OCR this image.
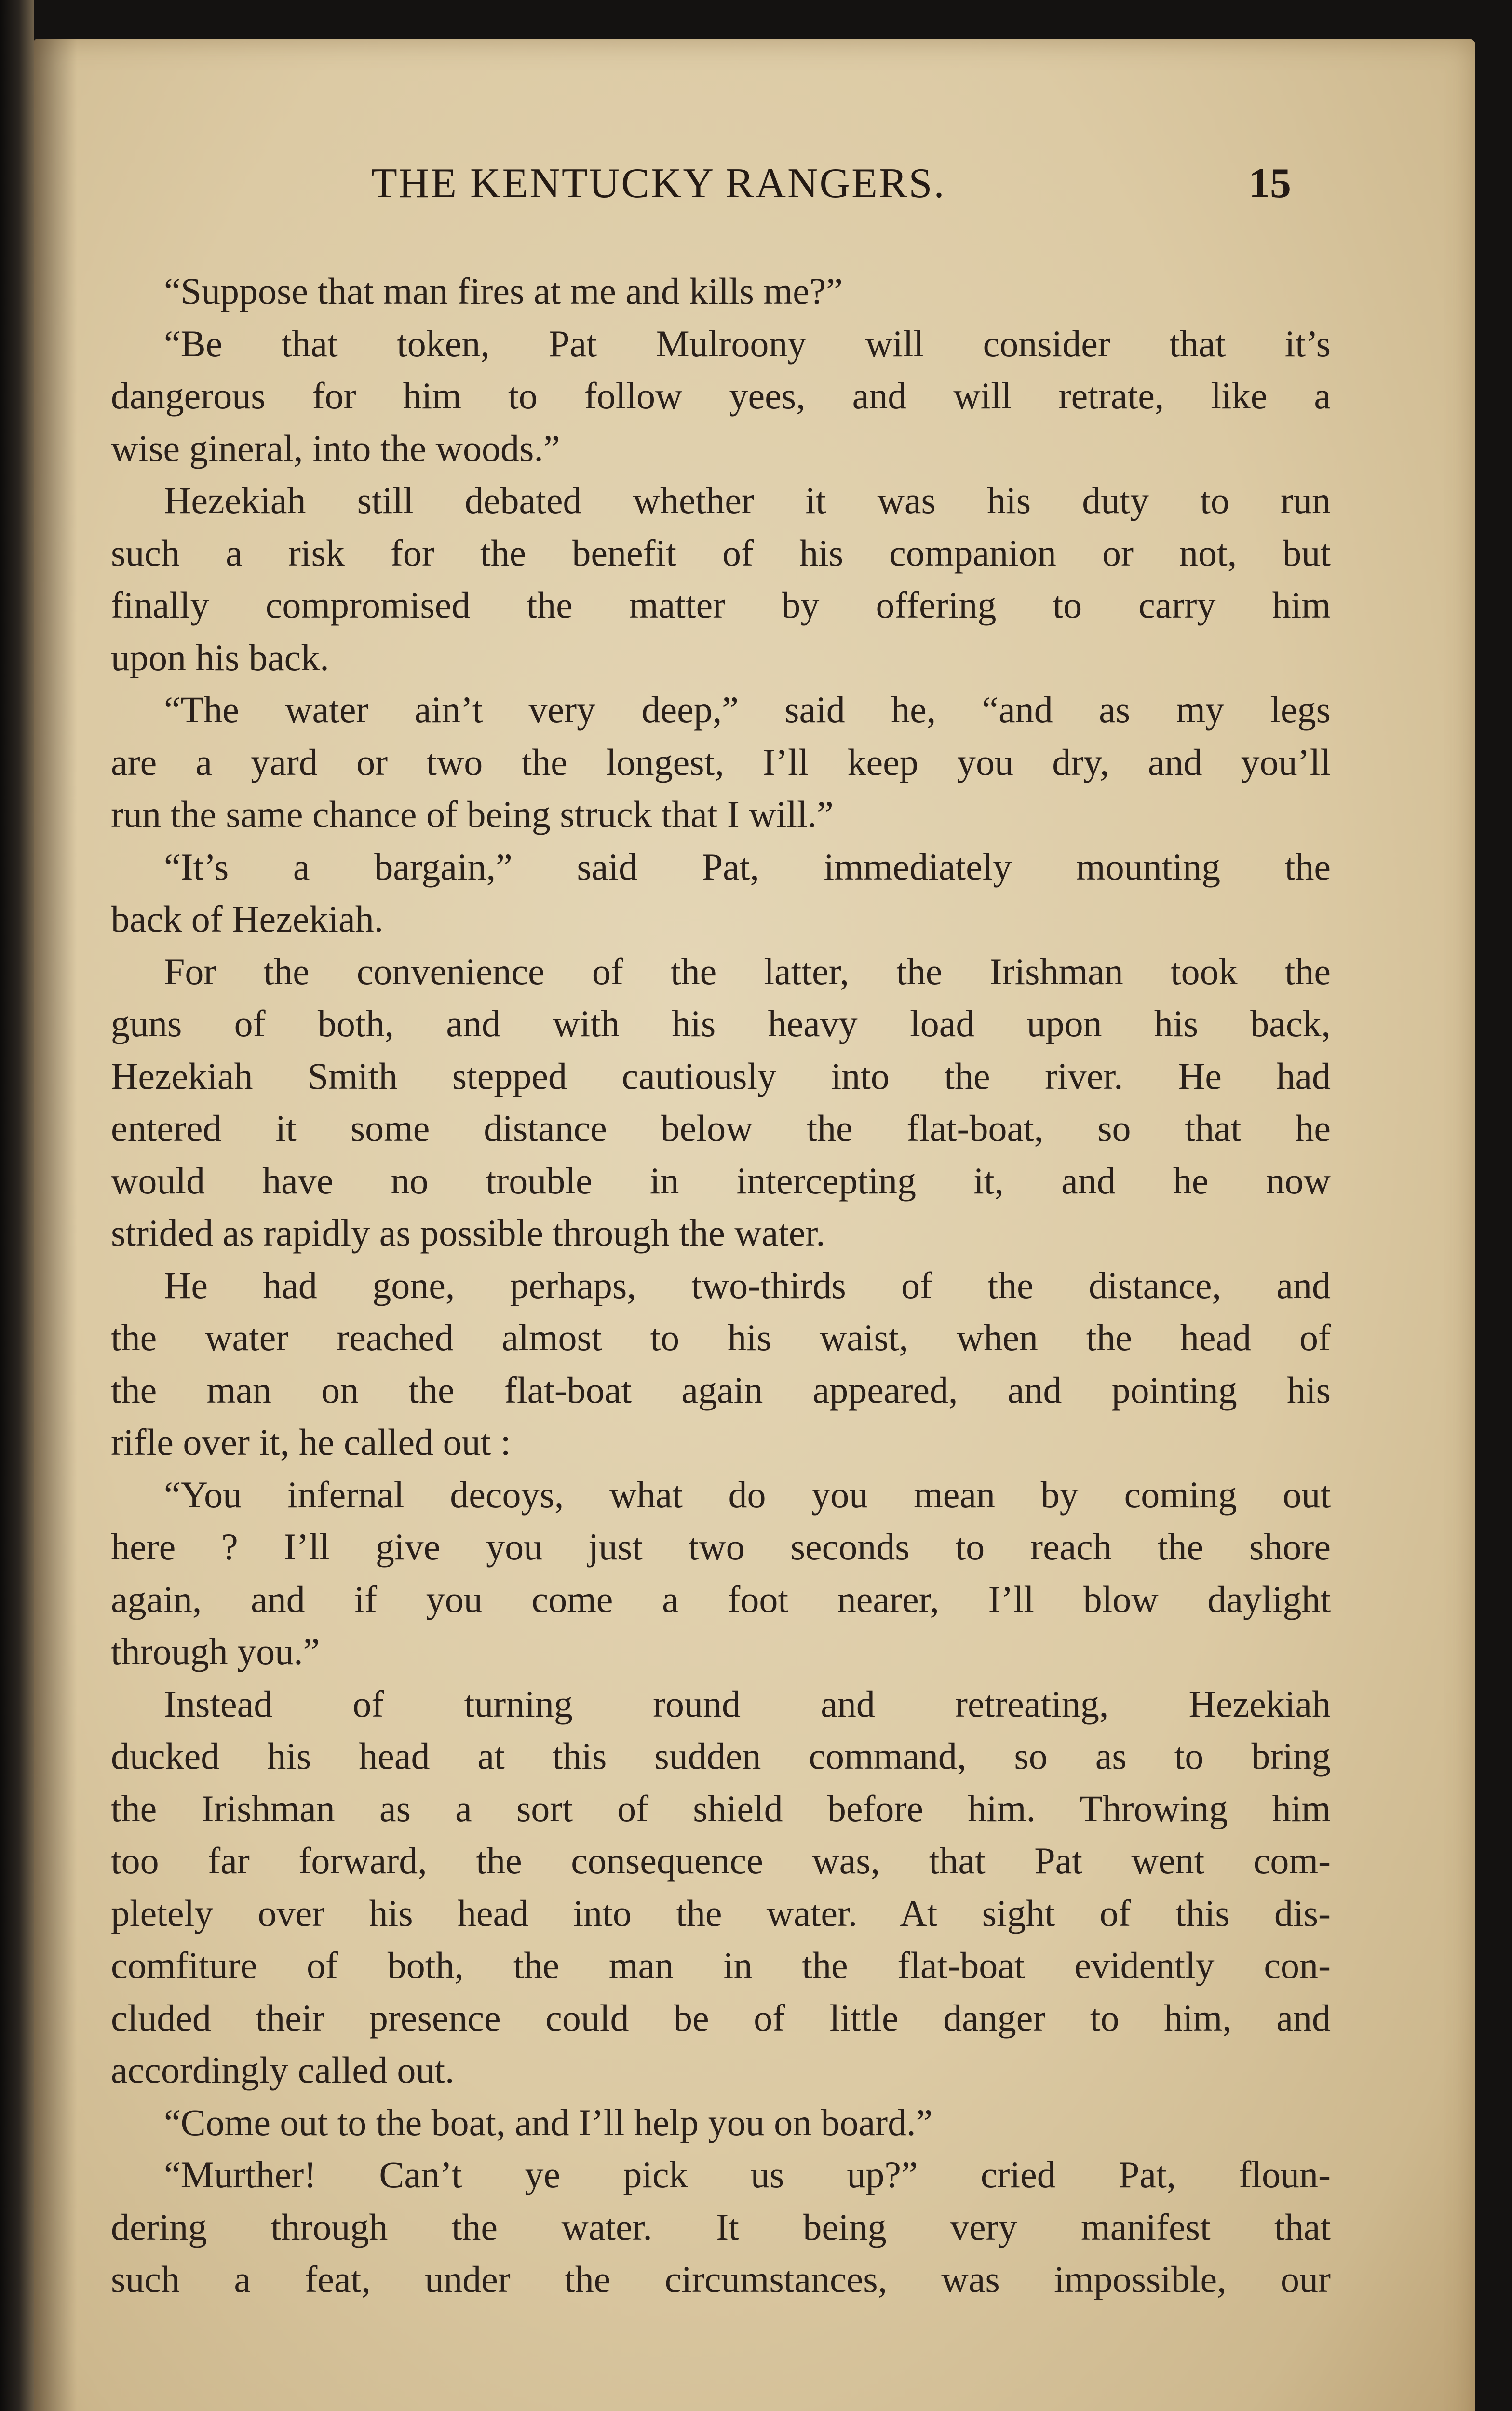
THE KENTUCKY RANGERS.	15
“Suppose that man fires at me and kills me?”
“Be that token, Pat Mulroony will consider that it’s
dangerous for him to follow yees, and will retrate, like a
wise gineral, into the woods.”
Hezekiah still debated whether it was his duty to run
such a risk for the benefit of his companion or not, but
finally compromised the matter by offering to carry him
upon his back.
“The water ain’t very deep,” said he, “and as my legs
are a yard or two the longest, I’ll keep you dry, and you’ll
run the same chance of being struck that I will.”
“It’s a bargain,” said Pat, immediately mounting the
back of Hezekiah.
For the convenience of the latter, the Irishman took the
guns of both, and with his heavy load upon his back,
Hezekiah Smith stepped cautiously into the river. He had
entered it some distance below the flat-boat, so that he
would have no trouble in intercepting it, and he now
strided as rapidly as possible through the water.
He had gone, perhaps, two-thirds of the distance, and
the water reached almost to his waist, when the head of
the man on the flat-boat again appeared, and pointing his
rifle over it, he called out :
“You infernal decoys, what do you mean by coming out
here ? I’ll give you just two seconds to reach the shore
again, and if you come a foot nearer, I’ll blow daylight
through you.”
Instead of turning round and retreating, Hezekiah
ducked his head at this sudden command, so as to bring
the Irishman as a sort of shield before him. Throwing him
too far forward, the consequence was, that Pat went com-
pletely over his head into the water. At sight of this dis-
comfiture of both, the man in the flat-boat evidently con-
cluded their presence could be of little danger to him, and
accordingly called out.
“Come out to the boat, and I’ll help you on board.”
“Murther! Can’t ye pick us up?” cried Pat, floun-
dering through the water. It being very manifest that
such a feat, under the circumstances, was impossible, our
